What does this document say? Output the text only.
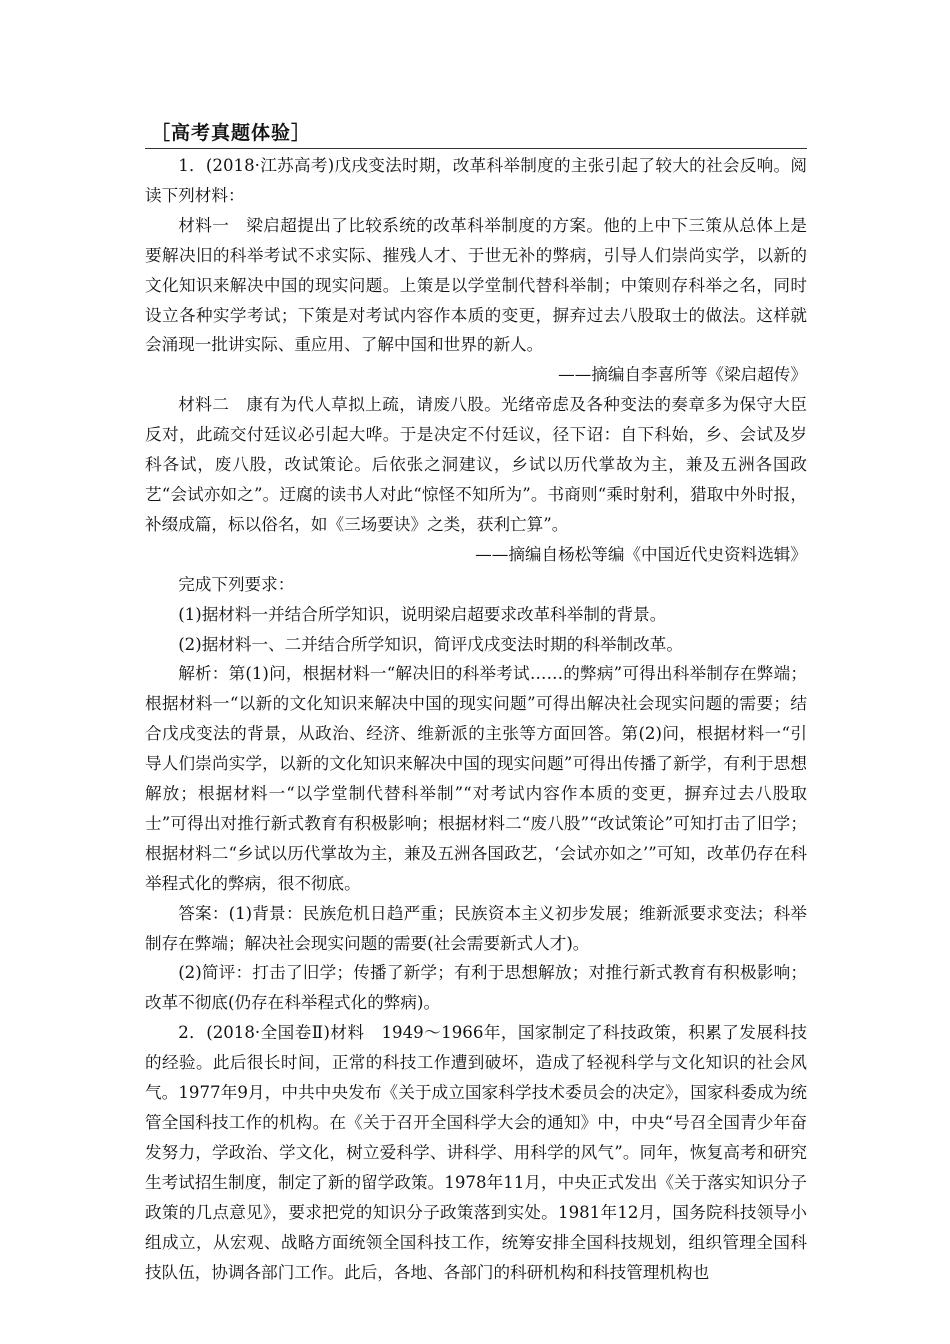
［高考真题体验］

1．(2018·江苏高考)戊戌变法时期，改革科举制度的主张引起了较大的社会反响。阅读下列材料：

材料一　梁启超提出了比较系统的改革科举制度的方案。他的上中下三策从总体上是要解决旧的科举考试不求实际、摧残人才、于世无补的弊病，引导人们崇尚实学，以新的文化知识来解决中国的现实问题。上策是以学堂制代替科举制；中策则存科举之名，同时设立各种实学考试；下策是对考试内容作本质的变更，摒弃过去八股取士的做法。这样就会涌现一批讲实际、重应用、了解中国和世界的新人。

——摘编自李喜所等《梁启超传》

材料二　康有为代人草拟上疏，请废八股。光绪帝虑及各种变法的奏章多为保守大臣反对，此疏交付廷议必引起大哗。于是决定不付廷议，径下诏：自下科始，乡、会试及岁科各试，废八股，改试策论。后依张之洞建议，乡试以历代掌故为主，兼及五洲各国政艺“会试亦如之”。迂腐的读书人对此“惊怪不知所为”。书商则“乘时射利，猎取中外时报，补缀成篇，标以俗名，如《三场要诀》之类，获利亡算”。

——摘编自杨松等编《中国近代史资料选辑》

完成下列要求：

(1)据材料一并结合所学知识，说明梁启超要求改革科举制的背景。

(2)据材料一、二并结合所学知识，简评戊戌变法时期的科举制改革。

解析：第(1)问，根据材料一“解决旧的科举考试……的弊病”可得出科举制存在弊端；根据材料一“以新的文化知识来解决中国的现实问题”可得出解决社会现实问题的需要；结合戊戌变法的背景，从政治、经济、维新派的主张等方面回答。第(2)问，根据材料一“引导人们崇尚实学，以新的文化知识来解决中国的现实问题”可得出传播了新学，有利于思想解放；根据材料一“以学堂制代替科举制”“对考试内容作本质的变更，摒弃过去八股取士”可得出对推行新式教育有积极影响；根据材料二“废八股”“改试策论”可知打击了旧学；根据材料二“乡试以历代掌故为主，兼及五洲各国政艺，‘会试亦如之’”可知，改革仍存在科举程式化的弊病，很不彻底。

答案：(1)背景：民族危机日趋严重；民族资本主义初步发展；维新派要求变法；科举制存在弊端；解决社会现实问题的需要(社会需要新式人才)。

(2)简评：打击了旧学；传播了新学；有利于思想解放；对推行新式教育有积极影响；改革不彻底(仍存在科举程式化的弊病)。

2．(2018·全国卷Ⅱ)材料　1949～1966年，国家制定了科技政策，积累了发展科技的经验。此后很长时间，正常的科技工作遭到破坏，造成了轻视科学与文化知识的社会风气。1977年9月，中共中央发布《关于成立国家科学技术委员会的决定》，国家科委成为统管全国科技工作的机构。在《关于召开全国科学大会的通知》中，中央“号召全国青少年奋发努力，学政治、学文化，树立爱科学、讲科学、用科学的风气”。同年，恢复高考和研究生考试招生制度，制定了新的留学政策。1978年11月，中央正式发出《关于落实知识分子政策的几点意见》，要求把党的知识分子政策落到实处。1981年12月，国务院科技领导小组成立，从宏观、战略方面统领全国科技工作，统筹安排全国科技规划，组织管理全国科技队伍，协调各部门工作。此后，各地、各部门的科研机构和科技管理机构也
